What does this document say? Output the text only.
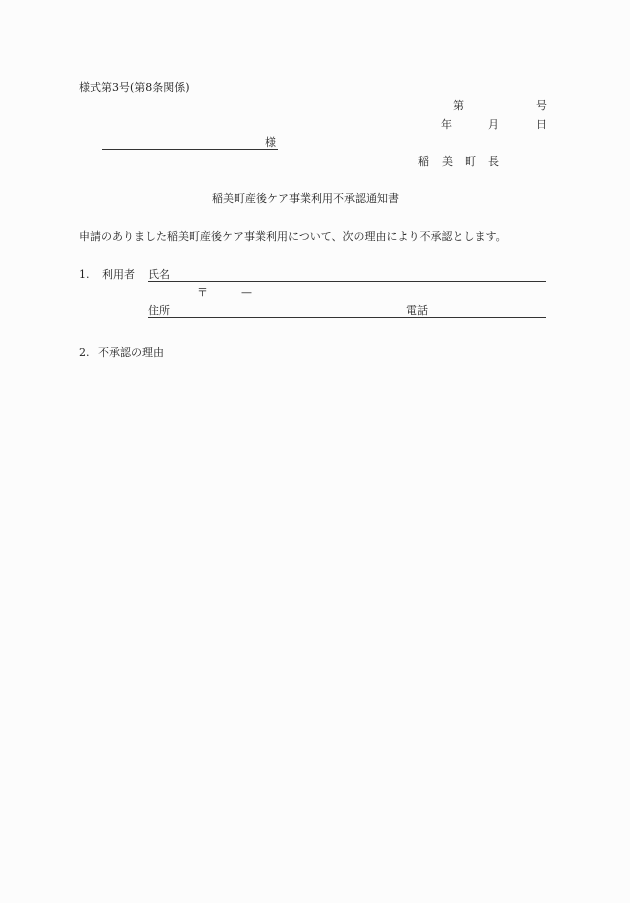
様式第3号(第8条関係)
第	号
年	月	日
様
稲 美 町 長
稲美町産後ケア事業利用不承認通知書
申請のありました稲美町産後ケア事業利用について、次の理由により不承認とします。
1. 利用者 氏名
〒	—
住所	電話
2. 不承認の理由
